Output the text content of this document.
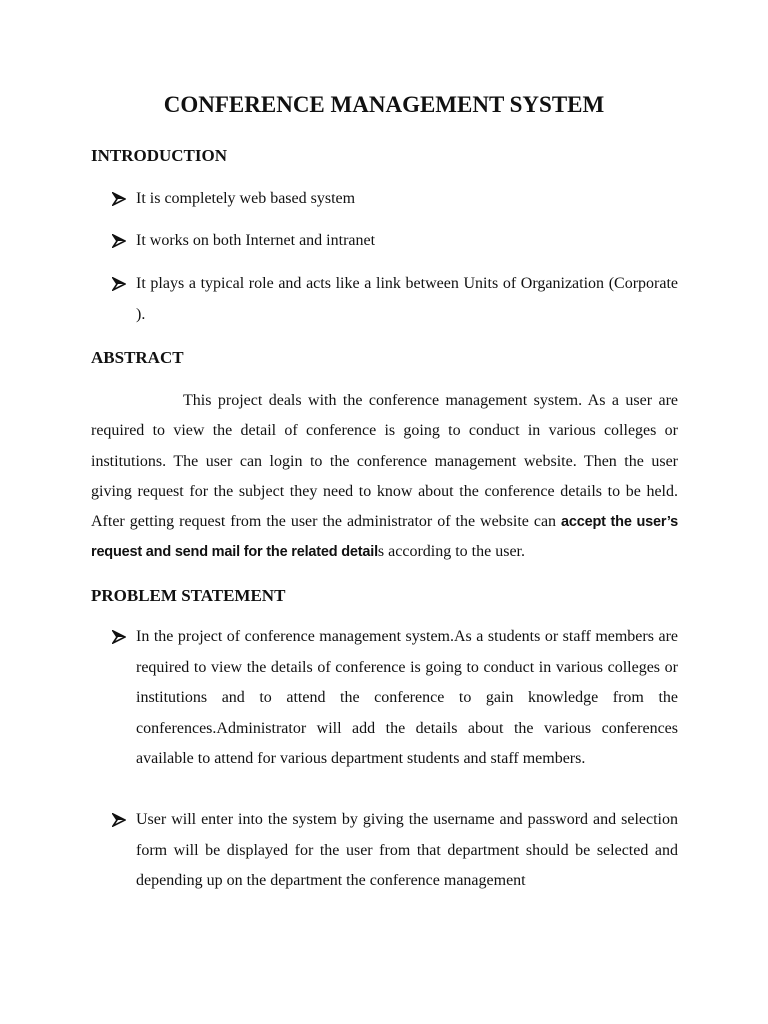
CONFERENCE MANAGEMENT SYSTEM
INTRODUCTION
It is completely web based system
It works on both Internet and intranet
It plays a typical role and acts like a link between Units of Organization (Corporate ).
ABSTRACT

This project deals with the conference management system. As a user are required to view the detail of conference is going to conduct in various colleges or institutions. The user can login to the conference management website. Then the user giving request for the subject they need to know about the conference details to be held. After getting request from the user the administrator of the website can accept the user’s request and send mail for the related details according to the user.

PROBLEM STATEMENT
In the project of conference management system.As a students or staff members are required to view the details of conference is going to conduct in various colleges or institutions and to attend the conference to gain knowledge from the conferences.Administrator will add the details about the various conferences available to attend for various department students and staff members.
User will enter into the system by giving the username and password and selection form will be displayed for the user from that department should be selected and depending up on the department the conference management
